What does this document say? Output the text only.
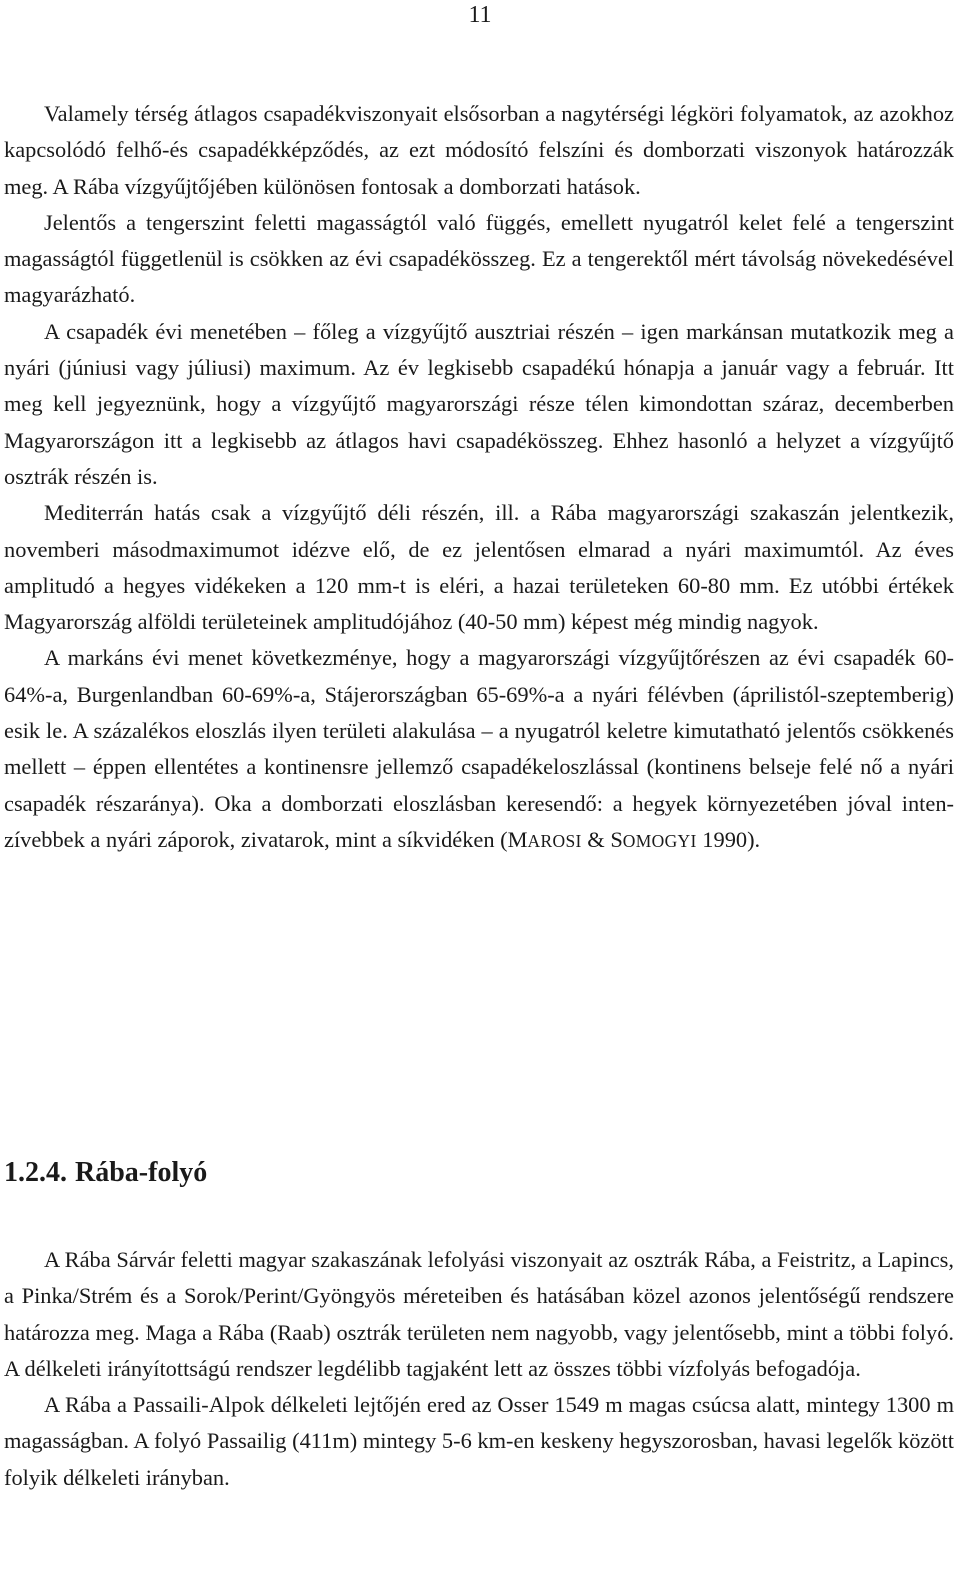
11

Valamely térség átlagos csapadékviszonyait elsősorban a nagytérségi légköri folyamatok, az azokhoz kapcsolódó felhő-és csapadékképződés, az ezt módosító felszíni és domborzati viszonyok határozzák meg. A Rába vízgyűjtőjében különösen fontosak a domborzati hatások.

Jelentős a tengerszint feletti magasságtól való függés, emellett nyugatról kelet felé a tengerszint magasságtól függetlenül is csökken az évi csapadékösszeg. Ez a tengerektől mért távolság növekedésével magyarázható.

A csapadék évi menetében – főleg a vízgyűjtő ausztriai részén – igen markánsan mutatkozik meg a nyári (júniusi vagy júliusi) maximum. Az év legkisebb csapadékú hónapja a január vagy a február. Itt meg kell jegyeznünk, hogy a vízgyűjtő magyarországi része télen kimondottan száraz, decemberben Magyarországon itt a legkisebb az átlagos havi csapadékösszeg. Ehhez hasonló a helyzet a vízgyűjtő osztrák részén is.

Mediterrán hatás csak a vízgyűjtő déli részén, ill. a Rába magyarországi szakaszán jelentkezik, novemberi másodmaximumot idézve elő, de ez jelentősen elmarad a nyári maximumtól. Az éves amplitudó a hegyes vidékeken a 120 mm-t is eléri, a hazai területeken 60-80 mm. Ez utóbbi értékek Magyarország alföldi területeinek amplitudójához (40-50 mm) képest még mindig nagyok.

A markáns évi menet következménye, hogy a magyarországi vízgyűjtőrészen az évi csapadék 60-64%-a, Burgenlandban 60-69%-a, Stájerországban 65-69%-a a nyári félévben (áprilistól-szeptemberig) esik le. A százalékos eloszlás ilyen területi alakulása – a nyugatról keletre kimutatható jelentős csökkenés mellett – éppen ellentétes a kontinensre jellemző csapadékeloszlással (kontinens belseje felé nő a nyári csapadék részaránya). Oka a domborzati eloszlásban keresendő: a hegyek környezetében jóval intenzívebbek a nyári záporok, zivatarok, mint a síkvidéken (MAROSI & SOMOGYI 1990).

1.2.4. Rába-folyó

A Rába Sárvár feletti magyar szakaszának lefolyási viszonyait az osztrák Rába, a Feistritz, a Lapincs, a Pinka/Strém és a Sorok/Perint/Gyöngyös méreteiben és hatásában közel azonos jelentőségű rendszere határozza meg. Maga a Rába (Raab) osztrák területen nem nagyobb, vagy jelentősebb, mint a többi folyó. A délkeleti irányítottságú rendszer legdélibb tagjaként lett az összes többi vízfolyás befogadója.

A Rába a Passaili-Alpok délkeleti lejtőjén ered az Osser 1549 m magas csúcsa alatt, mintegy 1300 m magasságban. A folyó Passailig (411m) mintegy 5-6 km-en keskeny hegyszorosban, havasi legelők között folyik délkeleti irányban.
